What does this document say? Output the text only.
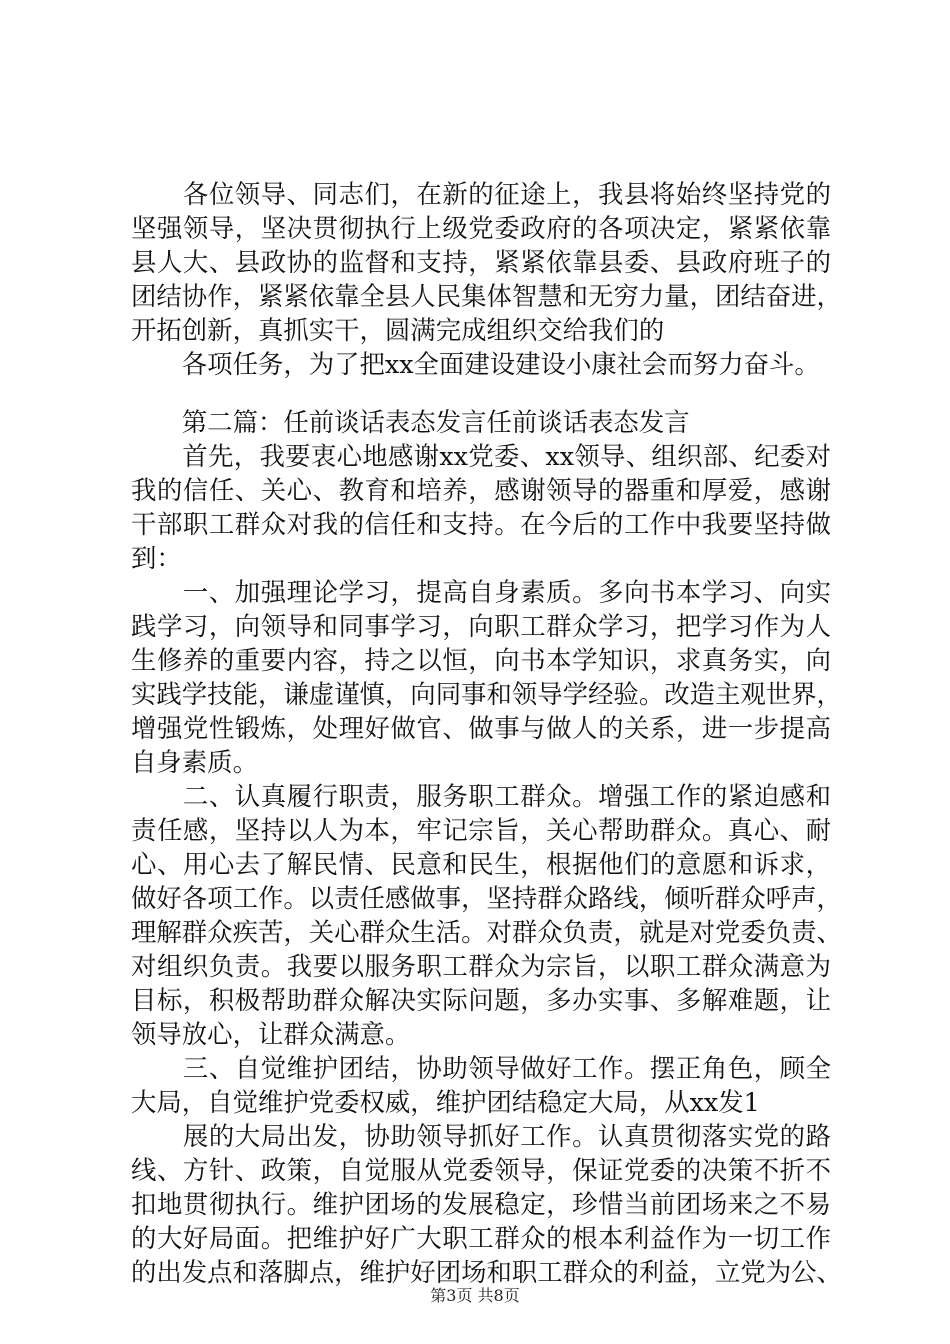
　　各位领导、同志们，在新的征途上，我县将始终坚持党的
坚强领导，坚决贯彻执行上级党委政府的各项决定，紧紧依靠
县人大、县政协的监督和支持，紧紧依靠县委、县政府班子的
团结协作，紧紧依靠全县人民集体智慧和无穷力量，团结奋进，
开拓创新，真抓实干，圆满完成组织交给我们的
　　各项任务，为了把xx全面建设建设小康社会而努力奋斗。
　　第二篇：任前谈话表态发言任前谈话表态发言
　　首先，我要衷心地感谢xx党委、xx领导、组织部、纪委对
我的信任、关心、教育和培养，感谢领导的器重和厚爱，感谢
干部职工群众对我的信任和支持。在今后的工作中我要坚持做
到：
　　一、加强理论学习，提高自身素质。多向书本学习、向实
践学习，向领导和同事学习，向职工群众学习，把学习作为人
生修养的重要内容，持之以恒，向书本学知识，求真务实，向
实践学技能，谦虚谨慎，向同事和领导学经验。改造主观世界，
增强党性锻炼，处理好做官、做事与做人的关系，进一步提高
自身素质。
　　二、认真履行职责，服务职工群众。增强工作的紧迫感和
责任感，坚持以人为本，牢记宗旨，关心帮助群众。真心、耐
心、用心去了解民情、民意和民生，根据他们的意愿和诉求，
做好各项工作。以责任感做事，坚持群众路线，倾听群众呼声，
理解群众疾苦，关心群众生活。对群众负责，就是对党委负责、
对组织负责。我要以服务职工群众为宗旨，以职工群众满意为
目标，积极帮助群众解决实际问题，多办实事、多解难题，让
领导放心，让群众满意。
　　三、自觉维护团结，协助领导做好工作。摆正角色，顾全
大局，自觉维护党委权威，维护团结稳定大局，从xx发1
　　展的大局出发，协助领导抓好工作。认真贯彻落实党的路
线、方针、政策，自觉服从党委领导，保证党委的决策不折不
扣地贯彻执行。维护团场的发展稳定，珍惜当前团场来之不易
的大好局面。把维护好广大职工群众的根本利益作为一切工作
的出发点和落脚点，维护好团场和职工群众的利益，立党为公、
第3页 共8页
